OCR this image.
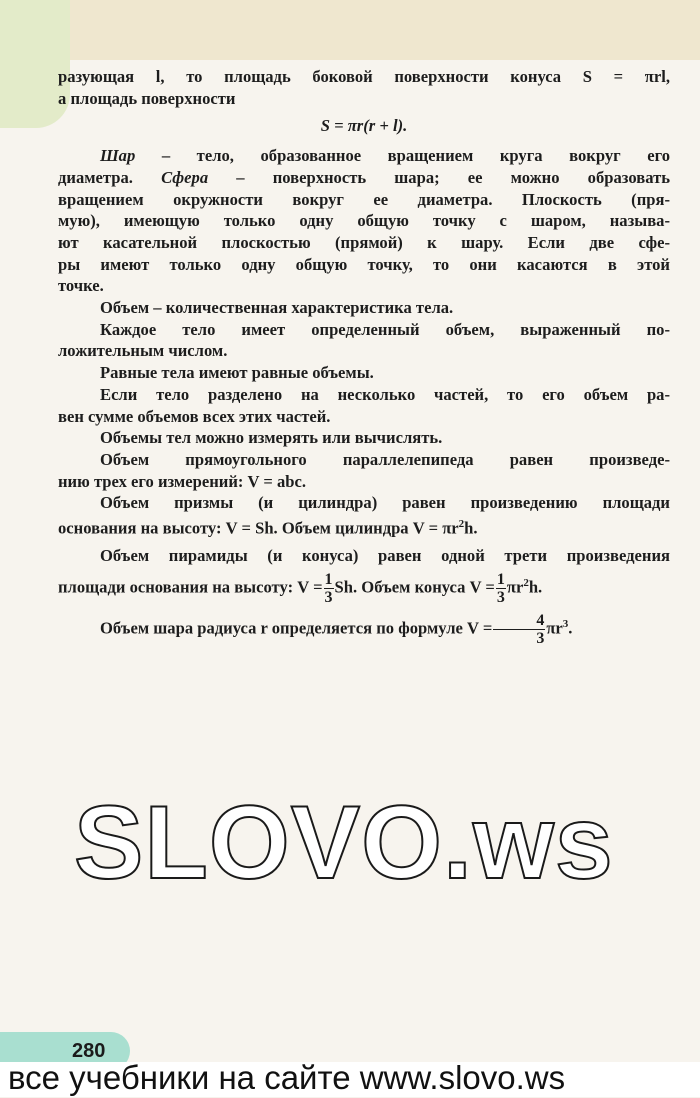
разующая l, то площадь боковой поверхности конуса S = πrl,
а площадь поверхности
S = πr(r + l).
Шар – тело, образованное вращением круга вокруг его
диаметра. Сфера – поверхность шара; ее можно образовать
вращением окружности вокруг ее диаметра. Плоскость (пря-
мую), имеющую только одну общую точку с шаром, называ-
ют касательной плоскостью (прямой) к шару. Если две сфе-
ры имеют только одну общую точку, то они касаются в этой
точке.
Объем – количественная характеристика тела.
Каждое тело имеет определенный объем, выраженный по-
ложительным числом.
Равные тела имеют равные объемы.
Если тело разделено на несколько частей, то его объем ра-
вен сумме объемов всех этих частей.
Объемы тел можно измерять или вычислять.
Объем прямоугольного параллелепипеда равен произведе-
нию трех его измерений: V = abc.
Объем призмы (и цилиндра) равен произведению площади
основания на высоту: V = Sh. Объем цилиндра $V = \pi r^2h$.
Объем пирамиды (и конуса) равен одной трети произведения
площади основания на высоту: $V = \frac{1}{3} Sh$. Объем конуса $V = \frac{1}{3} \pi r^2h$.
Объем шара радиуса r определяется по формуле $V = \frac{4}{3} \pi r^3$.
SLOVO.ws
280
все учебники на сайте www.slovo.ws
